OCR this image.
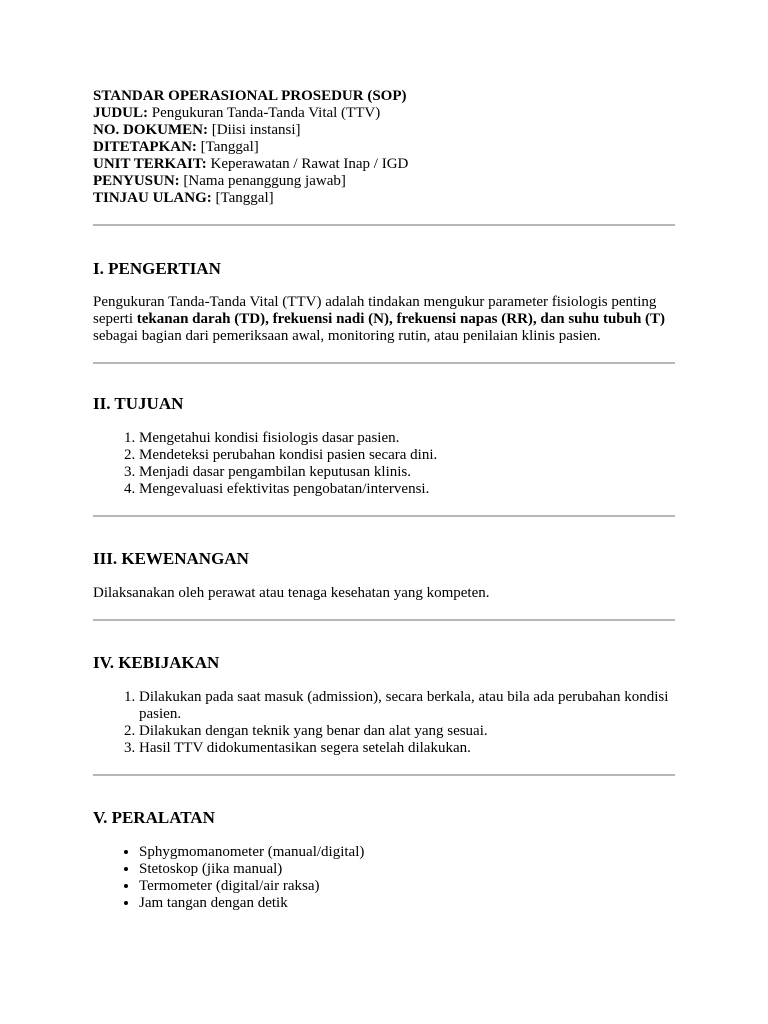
STANDAR OPERASIONAL PROSEDUR (SOP)

JUDUL: Pengukuran Tanda-Tanda Vital (TTV)

NO. DOKUMEN: [Diisi instansi]

DITETAPKAN: [Tanggal]

UNIT TERKAIT: Keperawatan / Rawat Inap / IGD

PENYUSUN: [Nama penanggung jawab]

TINJAU ULANG: [Tanggal]

I. PENGERTIAN

Pengukuran Tanda-Tanda Vital (TTV) adalah tindakan mengukur parameter fisiologis penting seperti tekanan darah (TD), frekuensi nadi (N), frekuensi napas (RR), dan suhu tubuh (T) sebagai bagian dari pemeriksaan awal, monitoring rutin, atau penilaian klinis pasien.

II. TUJUAN
1. Mengetahui kondisi fisiologis dasar pasien.
2. Mendeteksi perubahan kondisi pasien secara dini.
3. Menjadi dasar pengambilan keputusan klinis.
4. Mengevaluasi efektivitas pengobatan/intervensi.
III. KEWENANGAN

Dilaksanakan oleh perawat atau tenaga kesehatan yang kompeten.

IV. KEBIJAKAN
1. Dilakukan pada saat masuk (admission), secara berkala, atau bila ada perubahan kondisi pasien.
2. Dilakukan dengan teknik yang benar dan alat yang sesuai.
3. Hasil TTV didokumentasikan segera setelah dilakukan.
V. PERALATAN
• Sphygmomanometer (manual/digital)
• Stetoskop (jika manual)
• Termometer (digital/air raksa)
• Jam tangan dengan detik
